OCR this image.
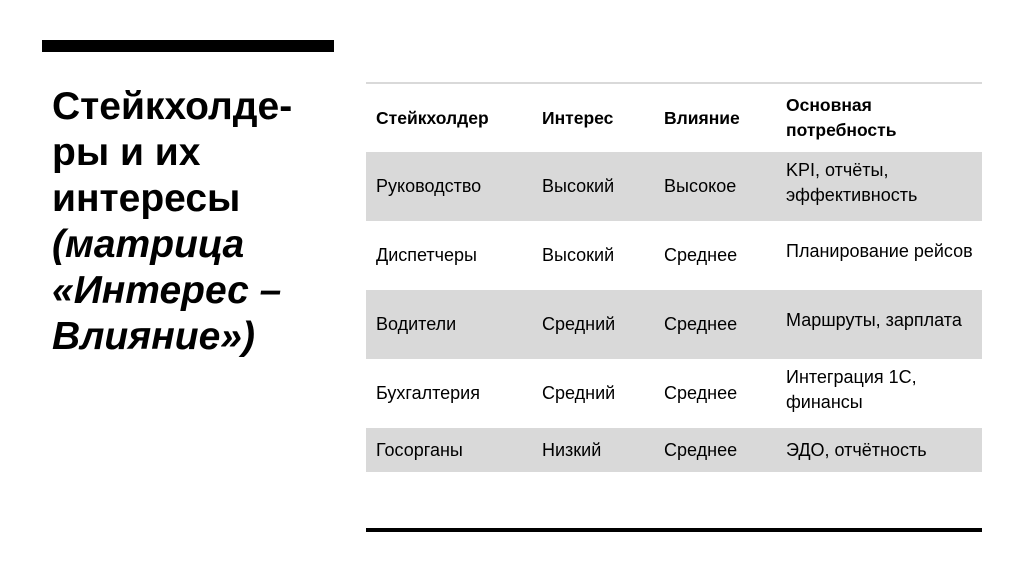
Стейкхолдеры и их интересы (матрица «Интерес – Влияние»)
Стейкхолдер	Интерес	Влияние	Основная потребность
Руководство	Высокий	Высокое	KPI, отчёты, эффективность
Диспетчеры	Высокий	Среднее	Планирование рейсов
Водители	Средний	Среднее	Маршруты, зарплата
Бухгалтерия	Средний	Среднее	Интеграция 1С, финансы
Госорганы	Низкий	Среднее	ЭДО, отчётность
